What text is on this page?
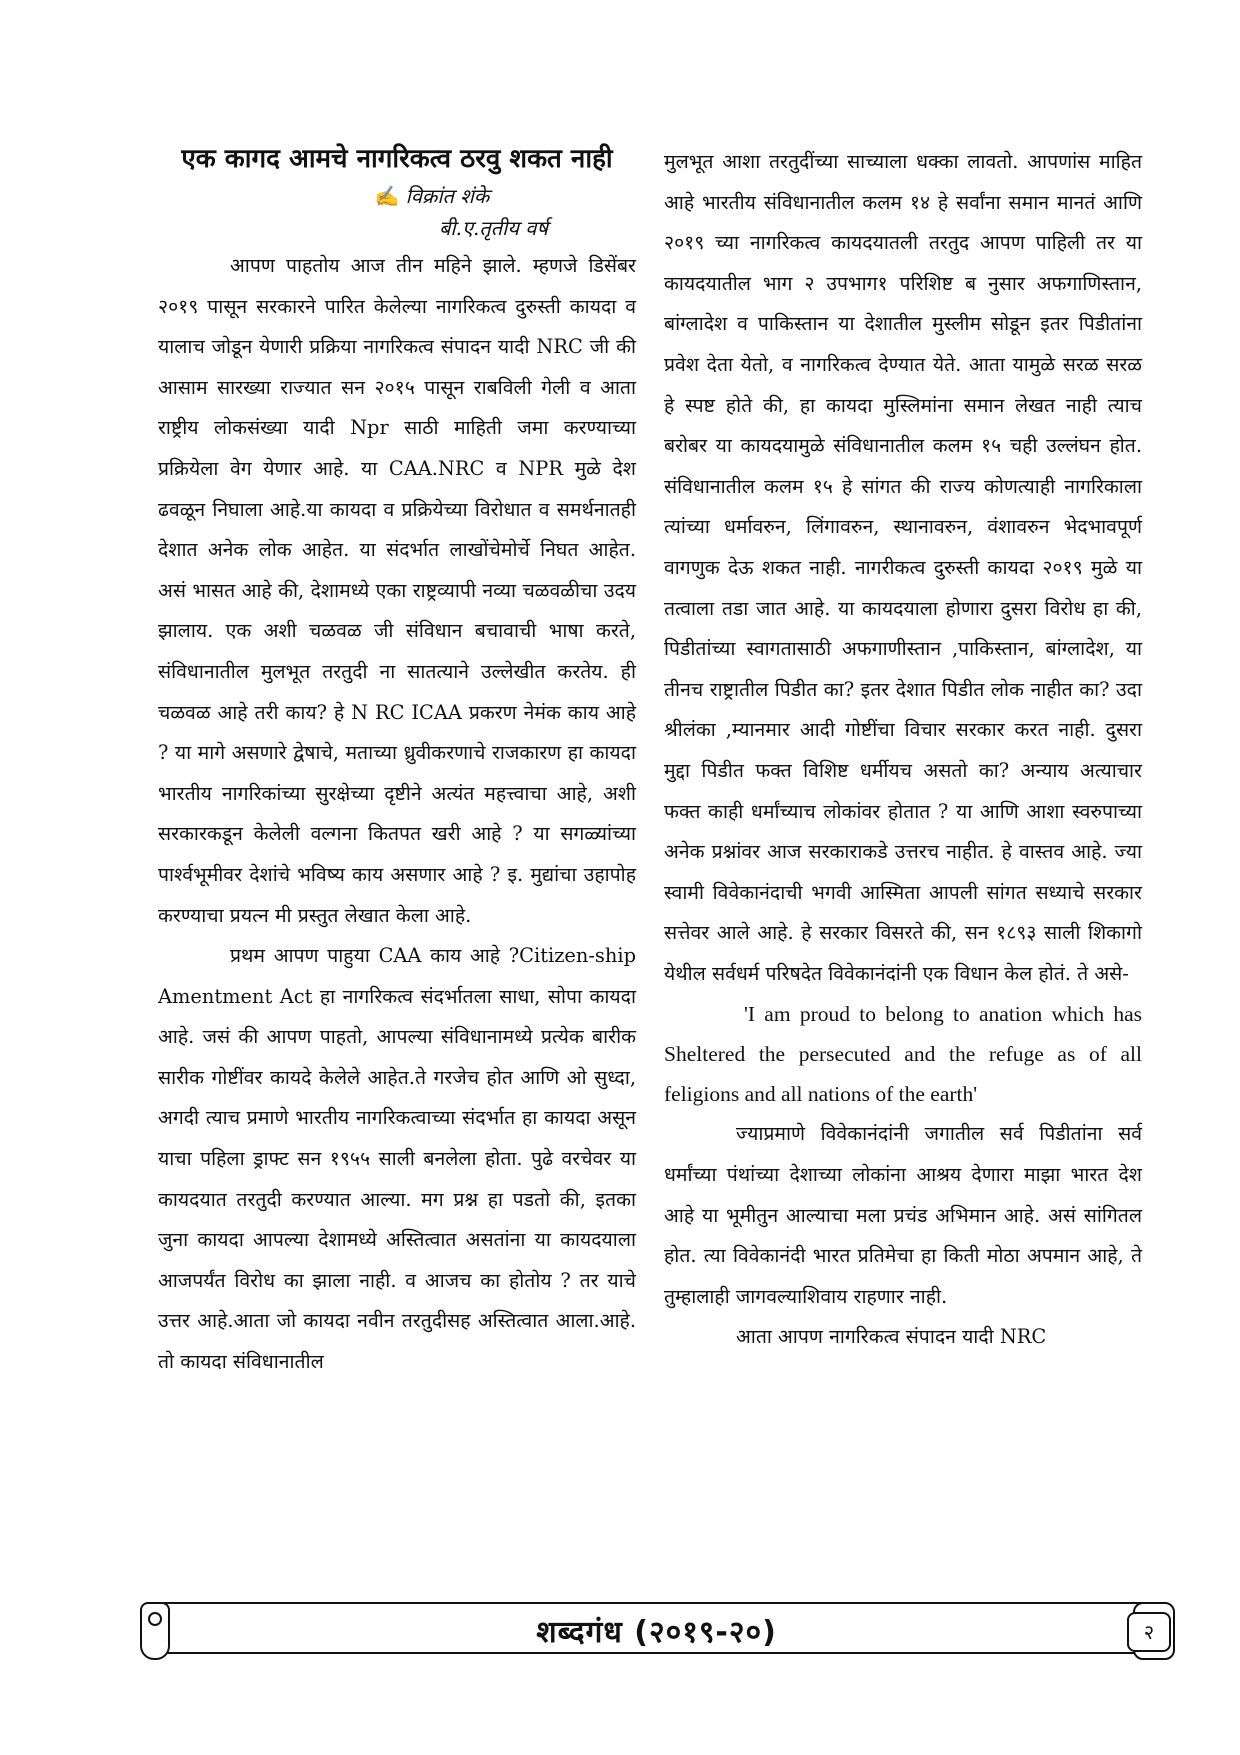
एक कागद आमचे नागरिकत्व ठरवु शकत नाही
✍ विक्रांत शंके
बी.ए.तृतीय वर्ष

आपण पाहतोय आज तीन महिने झाले. म्हणजे डिसेंबर २०१९ पासून सरकारने पारित केलेल्या नागरिकत्व दुरुस्ती कायदा व यालाच जोडून येणारी प्रक्रिया नागरिकत्व संपादन यादी NRC जी की आसाम सारख्या राज्यात सन २०१५ पासून राबविली गेली व आता राष्ट्रीय लोकसंख्या यादी Npr साठी माहिती जमा करण्याच्या प्रक्रियेला वेग येणार आहे. या CAA.NRC व NPR मुळे देश ढवळून निघाला आहे.या कायदा व प्रक्रियेच्या विरोधात व समर्थनातही देशात अनेक लोक आहेत. या संदर्भात लाखोंचेमोर्चे निघत आहेत. असं भासत आहे की, देशामध्ये एका राष्ट्रव्यापी नव्या चळवळीचा उदय झालाय. एक अशी चळवळ जी संविधान बचावाची भाषा करते, संविधानातील मुलभूत तरतुदी ना सातत्याने उल्लेखीत करतेय. ही चळवळ आहे तरी काय? हे N RC ICAA प्रकरण नेमंक काय आहे ? या मागे असणारे द्वेषाचे, मताच्या ध्रुवीकरणाचे राजकारण हा कायदा भारतीय नागरिकांच्या सुरक्षेच्या दृष्टीने अत्यंत महत्त्वाचा आहे, अशी सरकारकडून केलेली वल्गना कितपत खरी आहे ? या सगळ्यांच्या पार्श्वभूमीवर देशांचे भविष्य काय असणार आहे ? इ. मुद्यांचा उहापोह करण्याचा प्रयत्न मी प्रस्तुत लेखात केला आहे.

प्रथम आपण पाहुया CAA काय आहे ?Citizen-ship Amentment Act हा नागरिकत्व संदर्भातला साधा, सोपा कायदा आहे. जसं की आपण पाहतो, आपल्या संविधानामध्ये प्रत्येक बारीक सारीक गोष्टींवर कायदे केलेले आहेत.ते गरजेच होत आणि ओ सुध्दा, अगदी त्याच प्रमाणे भारतीय नागरिकत्वाच्या संदर्भात हा कायदा असून याचा पहिला ड्राफ्ट सन १९५५ साली बनलेला होता. पुढे वरचेवर या कायदयात तरतुदी करण्यात आल्या. मग प्रश्न हा पडतो की, इतका जुना कायदा आपल्या देशामध्ये अस्तित्वात असतांना या कायदयाला आजपर्यंत विरोध का झाला नाही. व आजच का होतोय ? तर याचे उत्तर आहे.आता जो कायदा नवीन तरतुदीसह अस्तित्वात आला.आहे. तो कायदा संविधानातील

मुलभूत आशा तरतुदींच्या साच्याला धक्का लावतो. आपणांस माहित आहे भारतीय संविधानातील कलम १४ हे सर्वांना समान मानतं आणि २०१९ च्या नागरिकत्व कायदयातली तरतुद आपण पाहिली तर या कायदयातील भाग २ उपभाग१ परिशिष्ट ब नुसार अफगाणिस्तान, बांग्लादेश व पाकिस्तान या देशातील मुस्लीम सोडून इतर पिडीतांना प्रवेश देता येतो, व नागरिकत्व देण्यात येते. आता यामुळे सरळ सरळ हे स्पष्ट होते की, हा कायदा मुस्लिमांना समान लेखत नाही त्याच बरोबर या कायदयामुळे संविधानातील कलम १५ चही उल्लंघन होत. संविधानातील कलम १५ हे सांगत की राज्य कोणत्याही नागरिकाला त्यांच्या धर्मावरुन, लिंगावरुन, स्थानावरुन, वंशावरुन भेदभावपूर्ण वागणुक देऊ शकत नाही. नागरीकत्व दुरुस्ती कायदा २०१९ मुळे या तत्वाला तडा जात आहे. या कायदयाला होणारा दुसरा विरोध हा की, पिडीतांच्या स्वागतासाठी अफगाणीस्तान ,पाकिस्तान, बांग्लादेश, या तीनच राष्ट्रातील पिडीत का? इतर देशात पिडीत लोक नाहीत का? उदा श्रीलंका ,म्यानमार आदी गोष्टींचा विचार सरकार करत नाही. दुसरा मुद्दा पिडीत फक्त विशिष्ट धर्मीयच असतो का? अन्याय अत्याचार फक्त काही धर्मांच्याच लोकांवर होतात ? या आणि आशा स्वरुपाच्या अनेक प्रश्नांवर आज सरकाराकडे उत्तरच नाहीत. हे वास्तव आहे. ज्या स्वामी विवेकानंदाची भगवी आस्मिता आपली सांगत सध्याचे सरकार सत्तेवर आले आहे. हे सरकार विसरते की, सन १८९३ साली शिकागो येथील सर्वधर्म परिषदेत विवेकानंदांनी एक विधान केल होतं. ते असे-

'I am proud to belong to anation which has Sheltered the persecuted and the refuge as of all feligions and all nations of the earth'

ज्याप्रमाणे विवेकानंदांनी जगातील सर्व पिडीतांना सर्व धर्मांच्या पंथांच्या देशाच्या लोकांना आश्रय देणारा माझा भारत देश आहे या भूमीतुन आल्याचा मला प्रचंड अभिमान आहे. असं सांगितल होत. त्या विवेकानंदी भारत प्रतिमेचा हा किती मोठा अपमान आहे, ते तुम्हालाही जागवल्याशिवाय राहणार नाही.

आता आपण नागरिकत्व संपादन यादी NRC

शब्दगंध (२०१९-२०)	२
